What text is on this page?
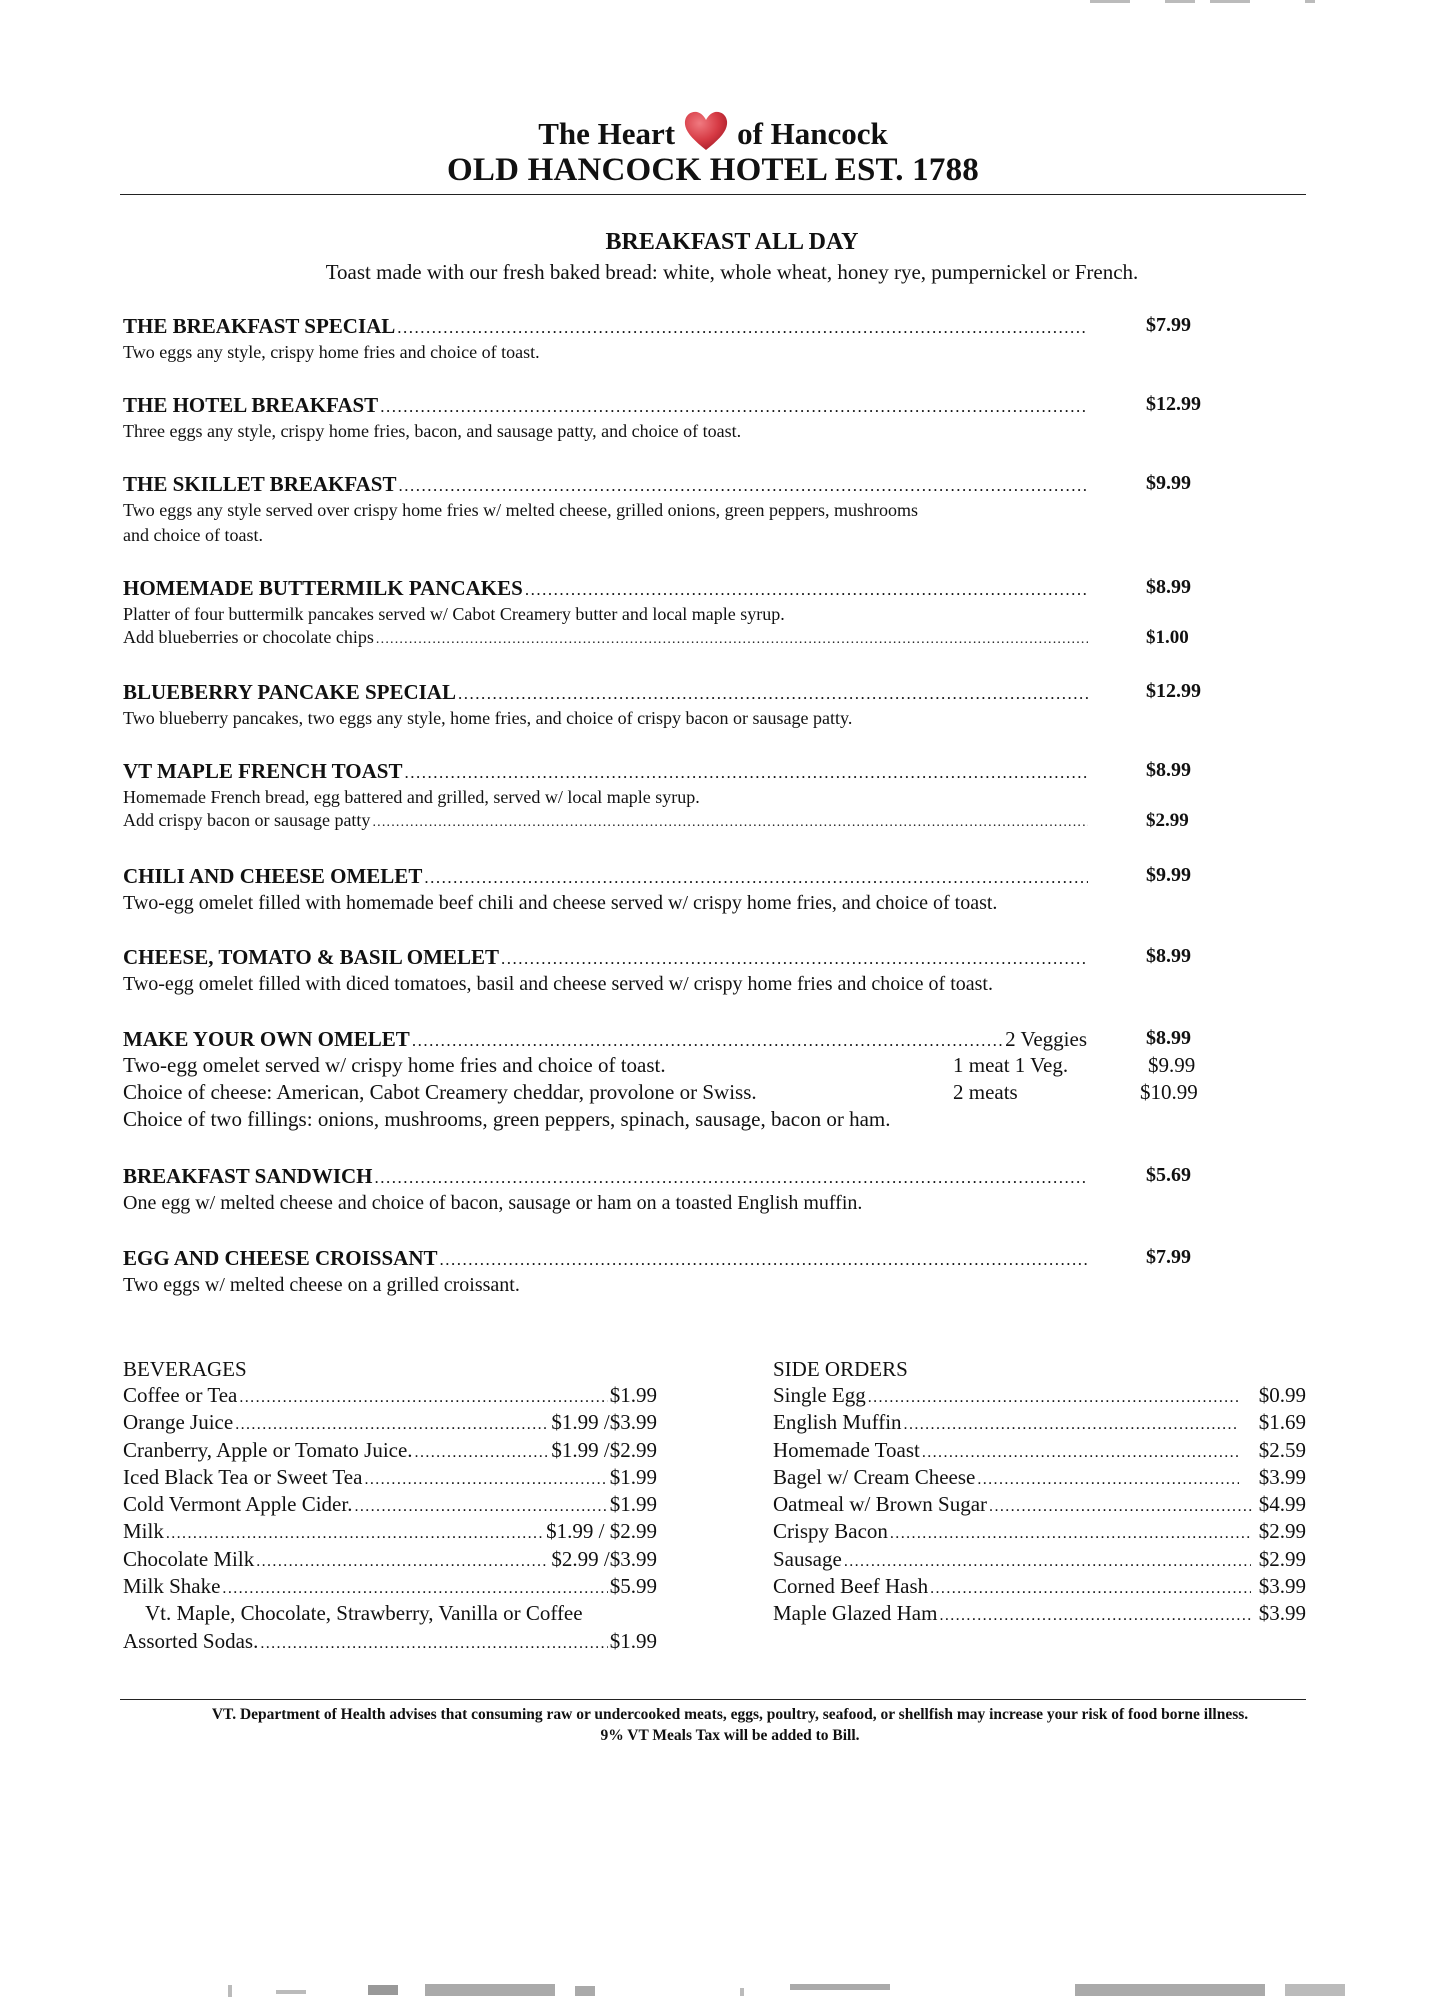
The Heart of Hancock
OLD HANCOCK HOTEL EST. 1788
BREAKFAST ALL DAY
Toast made with our fresh baked bread: white, whole wheat, honey rye, pumpernickel or French.
THE BREAKFAST SPECIAL .....	$7.99
Two eggs any style, crispy home fries and choice of toast.
THE HOTEL BREAKFAST .....	$12.99
Three eggs any style, crispy home fries, bacon, and sausage patty, and choice of toast.
THE SKILLET BREAKFAST .....	$9.99
Two eggs any style served over crispy home fries w/ melted cheese, grilled onions, green peppers, mushrooms
and choice of toast.
HOMEMADE BUTTERMILK PANCAKES .....	$8.99
Platter of four buttermilk pancakes served w/ Cabot Creamery butter and local maple syrup.
Add blueberries or chocolate chips .....	$1.00
BLUEBERRY PANCAKE SPECIAL .....	$12.99
Two blueberry pancakes, two eggs any style, home fries, and choice of crispy bacon or sausage patty.
VT MAPLE FRENCH TOAST .....	$8.99
Homemade French bread, egg battered and grilled, served w/ local maple syrup.
Add crispy bacon or sausage patty .....	$2.99
CHILI AND CHEESE OMELET .....	$9.99
Two-egg omelet filled with homemade beef chili and cheese served w/ crispy home fries, and choice of toast.
CHEESE, TOMATO & BASIL OMELET .....	$8.99
Two-egg omelet filled with diced tomatoes, basil and cheese served w/ crispy home fries and choice of toast.
MAKE YOUR OWN OMELET .....	2 Veggies	$8.99
Two-egg omelet served w/ crispy home fries and choice of toast.	1 meat 1 Veg.	$9.99
Choice of cheese: American, Cabot Creamery cheddar, provolone or Swiss.	2 meats	$10.99
Choice of two fillings: onions, mushrooms, green peppers, spinach, sausage, bacon or ham.
BREAKFAST SANDWICH .....	$5.69
One egg w/ melted cheese and choice of bacon, sausage or ham on a toasted English muffin.
EGG AND CHEESE CROISSANT .....	$7.99
Two eggs w/ melted cheese on a grilled croissant.
BEVERAGES
Coffee or Tea .....	$1.99
Orange Juice .....	$1.99 /$3.99
Cranberry, Apple or Tomato Juice. .....	$1.99 /$2.99
Iced Black Tea or Sweet Tea .....	$1.99
Cold Vermont Apple Cider. .....	$1.99
Milk .....	$1.99 / $2.99
Chocolate Milk .....	$2.99 /$3.99
Milk Shake .....	$5.99
Vt. Maple, Chocolate, Strawberry, Vanilla or Coffee
Assorted Sodas. .....	$1.99
SIDE ORDERS
Single Egg .....	$0.99
English Muffin .....	$1.69
Homemade Toast .....	$2.59
Bagel w/ Cream Cheese .....	$3.99
Oatmeal w/ Brown Sugar .....	$4.99
Crispy Bacon .....	$2.99
Sausage .....	$2.99
Corned Beef Hash .....	$3.99
Maple Glazed Ham .....	$3.99
VT. Department of Health advises that consuming raw or undercooked meats, eggs, poultry, seafood, or shellfish may increase your risk of food borne illness.
9% VT Meals Tax will be added to Bill.
